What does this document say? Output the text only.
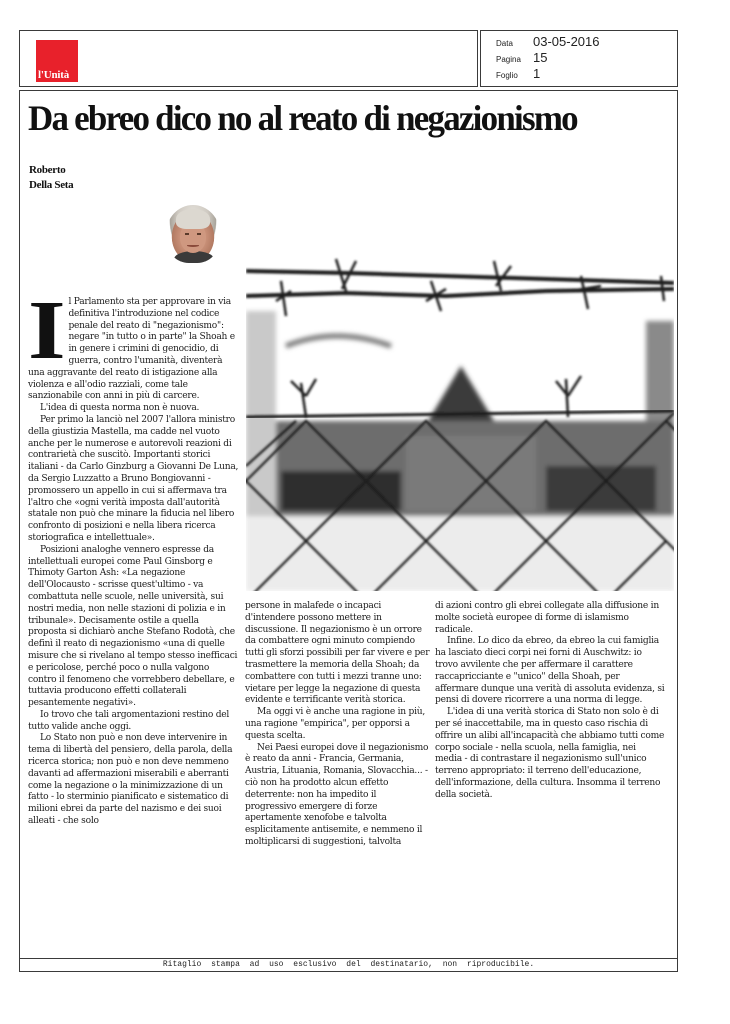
l'Unità
Data	03-05-2016
Pagina 15
Foglio	1
Da ebreo dico no al reato di negazionismo
Roberto
Della Seta
I l Parlamento sta per approvare in via definitiva l'introduzione nel codice penale del reato di "negazionismo": negare "in tutto o in parte" la Shoah e in genere i crimini di genocidio, di guerra, contro l'umanità, diventerà una aggravante del reato di istigazione alla violenza e all'odio razziali, come tale sanzionabile con anni in più di carcere.

L'idea di questa norma non è nuova.

Per primo la lanciò nel 2007 l'allora ministro della giustizia Mastella, ma cadde nel vuoto anche per le numerose e autorevoli reazioni di contrarietà che suscitò. Importanti storici italiani - da Carlo Ginzburg a Giovanni De Luna, da Sergio Luzzatto a Bruno Bongiovanni - promossero un appello in cui si affermava tra l'altro che «ogni verità imposta dall'autorità statale non può che minare la fiducia nel libero confronto di posizioni e nella libera ricerca storiografica e intellettuale».

Posizioni analoghe vennero espresse da intellettuali europei come Paul Ginsborg e Thimoty Garton Ash: «La negazione dell'Olocausto - scrisse quest'ultimo - va combattuta nelle scuole, nelle università, sui nostri media, non nelle stazioni di polizia e in tribunale». Decisamente ostile a quella proposta si dichiarò anche Stefano Rodotà, che definì il reato di negazionismo «una di quelle misure che si rivelano al tempo stesso inefficaci e pericolose, perché poco o nulla valgono contro il fenomeno che vorrebbero debellare, e tuttavia producono effetti collaterali pesantemente negativi».

Io trovo che tali argomentazioni restino del tutto valide anche oggi.

Lo Stato non può e non deve intervenire in tema di libertà del pensiero, della parola, della ricerca storica; non può e non deve nemmeno davanti ad affermazioni miserabili e aberranti come la negazione o la minimizzazione di un fatto - lo sterminio pianificato e sistematico di milioni ebrei da parte del nazismo e dei suoi alleati - che solo

persone in malafede o incapaci d'intendere possono mettere in discussione. Il negazionismo è un orrore da combattere ogni minuto compiendo tutti gli sforzi possibili per far vivere e per trasmettere la memoria della Shoah; da combattere con tutti i mezzi tranne uno: vietare per legge la negazione di questa evidente e terrificante verità storica.

Ma oggi vi è anche una ragione in più, una ragione "empirica", per opporsi a questa scelta.

Nei Paesi europei dove il negazionismo è reato da anni - Francia, Germania, Austria, Lituania, Romania, Slovacchia... - ciò non ha prodotto alcun effetto deterrente: non ha impedito il progressivo emergere di forze apertamente xenofobe e talvolta esplicitamente antisemite, e nemmeno il moltiplicarsi di suggestioni, talvolta

di azioni contro gli ebrei collegate alla diffusione in molte società europee di forme di islamismo radicale.

Infine. Lo dico da ebreo, da ebreo la cui famiglia ha lasciato dieci corpi nei forni di Auschwitz: io trovo avvilente che per affermare il carattere raccapricciante e "unico" della Shoah, per affermare dunque una verità di assoluta evidenza, si pensi di dovere ricorrere a una norma di legge.

L'idea di una verità storica di Stato non solo è di per sé inaccettabile, ma in questo caso rischia di offrire un alibi all'incapacità che abbiamo tutti come corpo sociale - nella scuola, nella famiglia, nei media - di contrastare il negazionismo sull'unico terreno appropriato: il terreno dell'educazione, dell'informazione, della cultura. Insomma il terreno della società.

Ritaglio stampa ad uso esclusivo del destinatario, non riproducibile.
